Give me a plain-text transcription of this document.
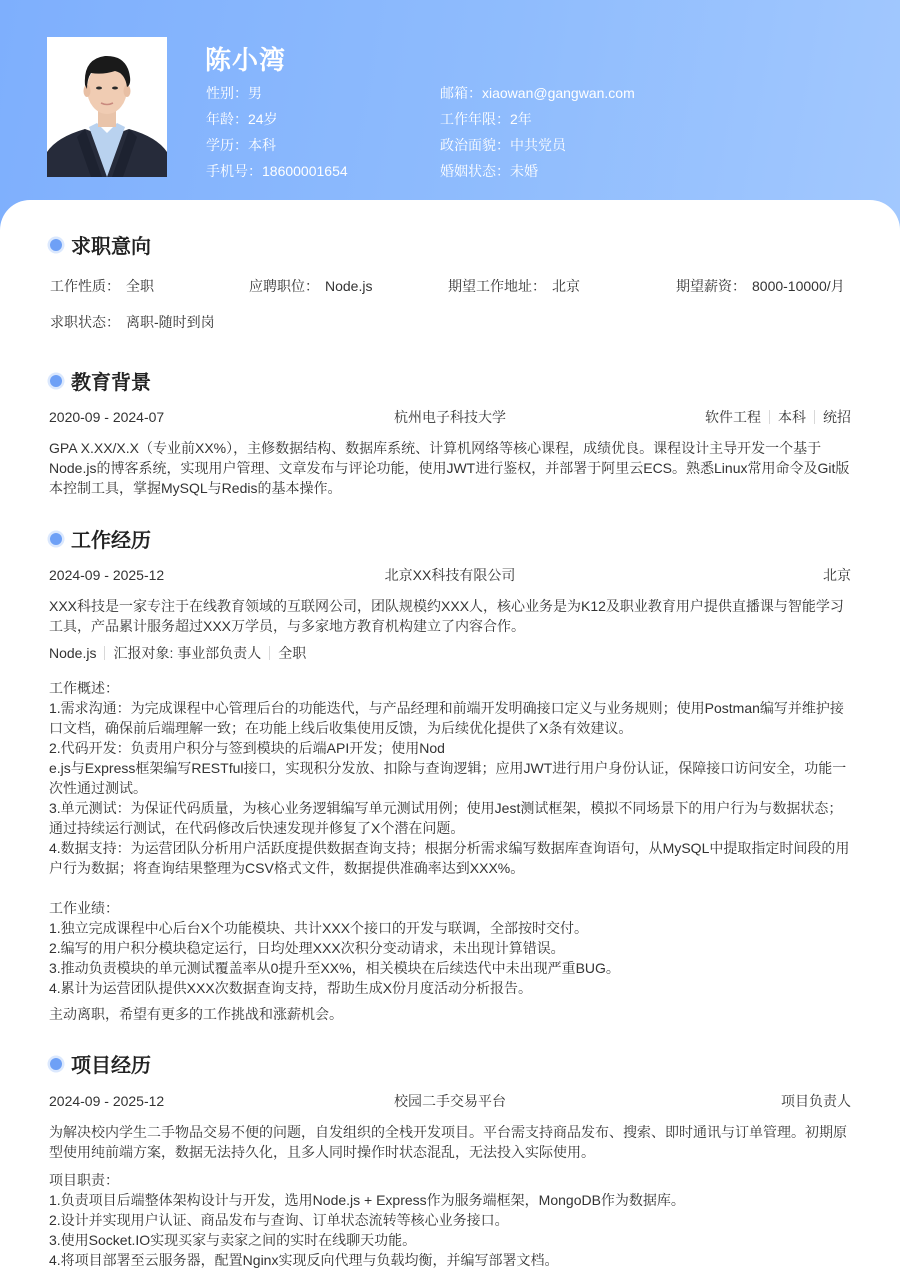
陈小湾
性别：男
年龄：24岁
学历：本科
手机号：18600001654
邮箱：xiaowan@gangwan.com
工作年限：2年
政治面貌：中共党员
婚姻状态：未婚
求职意向
工作性质： 全职	应聘职位： Node.js	期望工作地址： 北京	期望薪资： 8000-10000/月
求职状态： 离职-随时到岗
教育背景
2020-09 - 2024-07	杭州电子科技大学	软件工程 本科 统招
GPA X.XX/X.X（专业前XX%），主修数据结构、数据库系统、计算机网络等核心课程，成绩优良。课程设计主导开发一个基于Node.js的博客系统，实现用户管理、文章发布与评论功能，使用JWT进行鉴权，并部署于阿里云ECS。熟悉Linux常用命令及Git版本控制工具，掌握MySQL与Redis的基本操作。
工作经历
2024-09 - 2025-12	北京XX科技有限公司	北京
XXX科技是一家专注于在线教育领域的互联网公司，团队规模约XXX人，核心业务是为K12及职业教育用户提供直播课与智能学习工具，产品累计服务超过XXX万学员，与多家地方教育机构建立了内容合作。
Node.js 汇报对象: 事业部负责人 全职
工作概述：
1.需求沟通：为完成课程中心管理后台的功能迭代，与产品经理和前端开发明确接口定义与业务规则；使用Postman编写并维护接
口文档，确保前后端理解一致；在功能上线后收集使用反馈，为后续优化提供了X条有效建议。
2.代码开发：负责用户积分与签到模块的后端API开发；使用Nod
e.js与Express框架编写RESTful接口，实现积分发放、扣除与查询逻辑；应用JWT进行用户身份认证，保障接口访问安全，功能一
次性通过测试。
3.单元测试：为保证代码质量，为核心业务逻辑编写单元测试用例；使用Jest测试框架，模拟不同场景下的用户行为与数据状态；
通过持续运行测试，在代码修改后快速发现并修复了X个潜在问题。
4.数据支持：为运营团队分析用户活跃度提供数据查询支持；根据分析需求编写数据库查询语句，从MySQL中提取指定时间段的用
户行为数据；将查询结果整理为CSV格式文件，数据提供准确率达到XXX%。
工作业绩：
1.独立完成课程中心后台X个功能模块、共计XXX个接口的开发与联调，全部按时交付。
2.编写的用户积分模块稳定运行，日均处理XXX次积分变动请求，未出现计算错误。
3.推动负责模块的单元测试覆盖率从0提升至XX%，相关模块在后续迭代中未出现严重BUG。
4.累计为运营团队提供XXX次数据查询支持，帮助生成X份月度活动分析报告。
主动离职，希望有更多的工作挑战和涨薪机会。
项目经历
2024-09 - 2025-12	校园二手交易平台	项目负责人
为解决校内学生二手物品交易不便的问题，自发组织的全栈开发项目。平台需支持商品发布、搜索、即时通讯与订单管理。初期原型使用纯前端方案，数据无法持久化，且多人同时操作时状态混乱，无法投入实际使用。
项目职责：
1.负责项目后端整体架构设计与开发，选用Node.js + Express作为服务端框架，MongoDB作为数据库。
2.设计并实现用户认证、商品发布与查询、订单状态流转等核心业务接口。
3.使用Socket.IO实现买家与卖家之间的实时在线聊天功能。
4.将项目部署至云服务器，配置Nginx实现反向代理与负载均衡，并编写部署文档。
